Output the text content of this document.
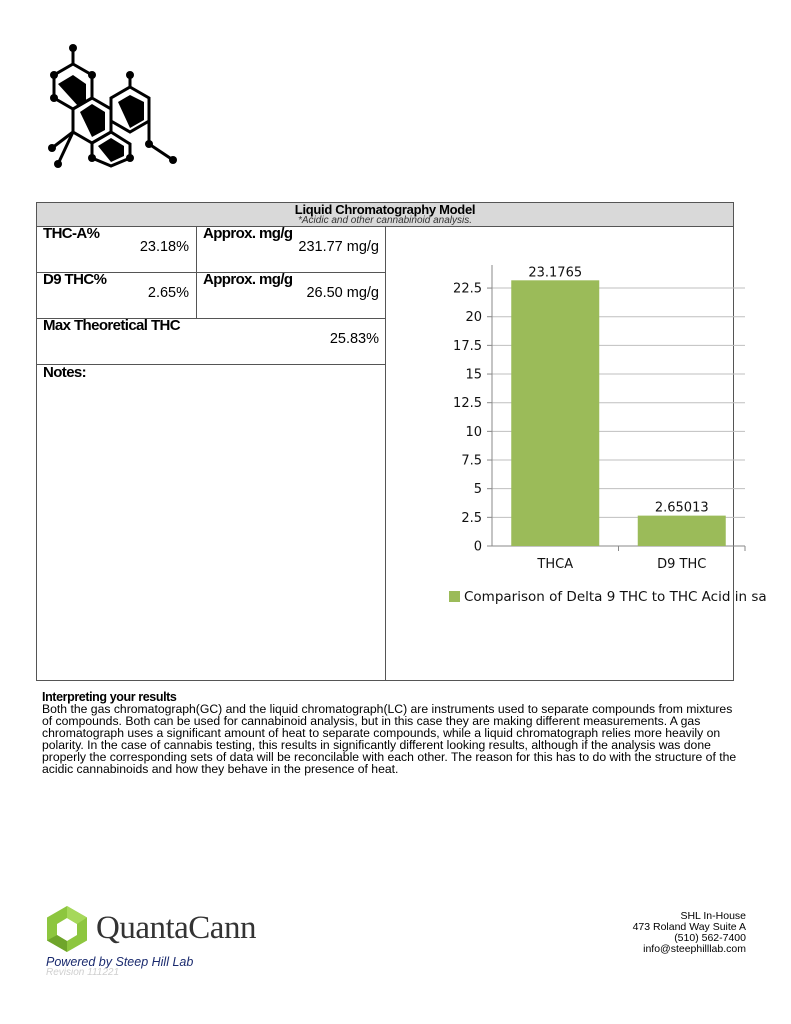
Liquid Chromatography Model
*Acidic and other cannabinoid analysis.
THC-A%
23.18%
Approx. mg/g
231.77 mg/g
D9 THC%
2.65%
Approx. mg/g
26.50 mg/g
Max Theoretical THC
25.83%
Notes:
0
2.5
5
7.5
10
12.5
15
17.5
20
22.5
23.1765
THCA
2.65013
D9 THC
Comparison of Delta 9 THC to THC Acid in sa
Interpreting your results
Both the gas chromatograph(GC) and the liquid chromatograph(LC) are instruments used to separate compounds from mixtures of compounds. Both can be used for cannabinoid analysis, but in this case they are making different measurements. A gas chromatograph uses a significant amount of heat to separate compounds, while a liquid chromatograph relies more heavily on polarity. In the case of cannabis testing, this results in significantly different looking results, although if the analysis was done properly the corresponding sets of data will be reconcilable with each other. The reason for this has to do with the structure of the acidic cannabinoids and how they behave in the presence of heat.
QuantaCann
Powered by Steep Hill Lab
Revision 111221
SHL In-House
473 Roland Way Suite A
(510) 562-7400
info@steephilllab.com
